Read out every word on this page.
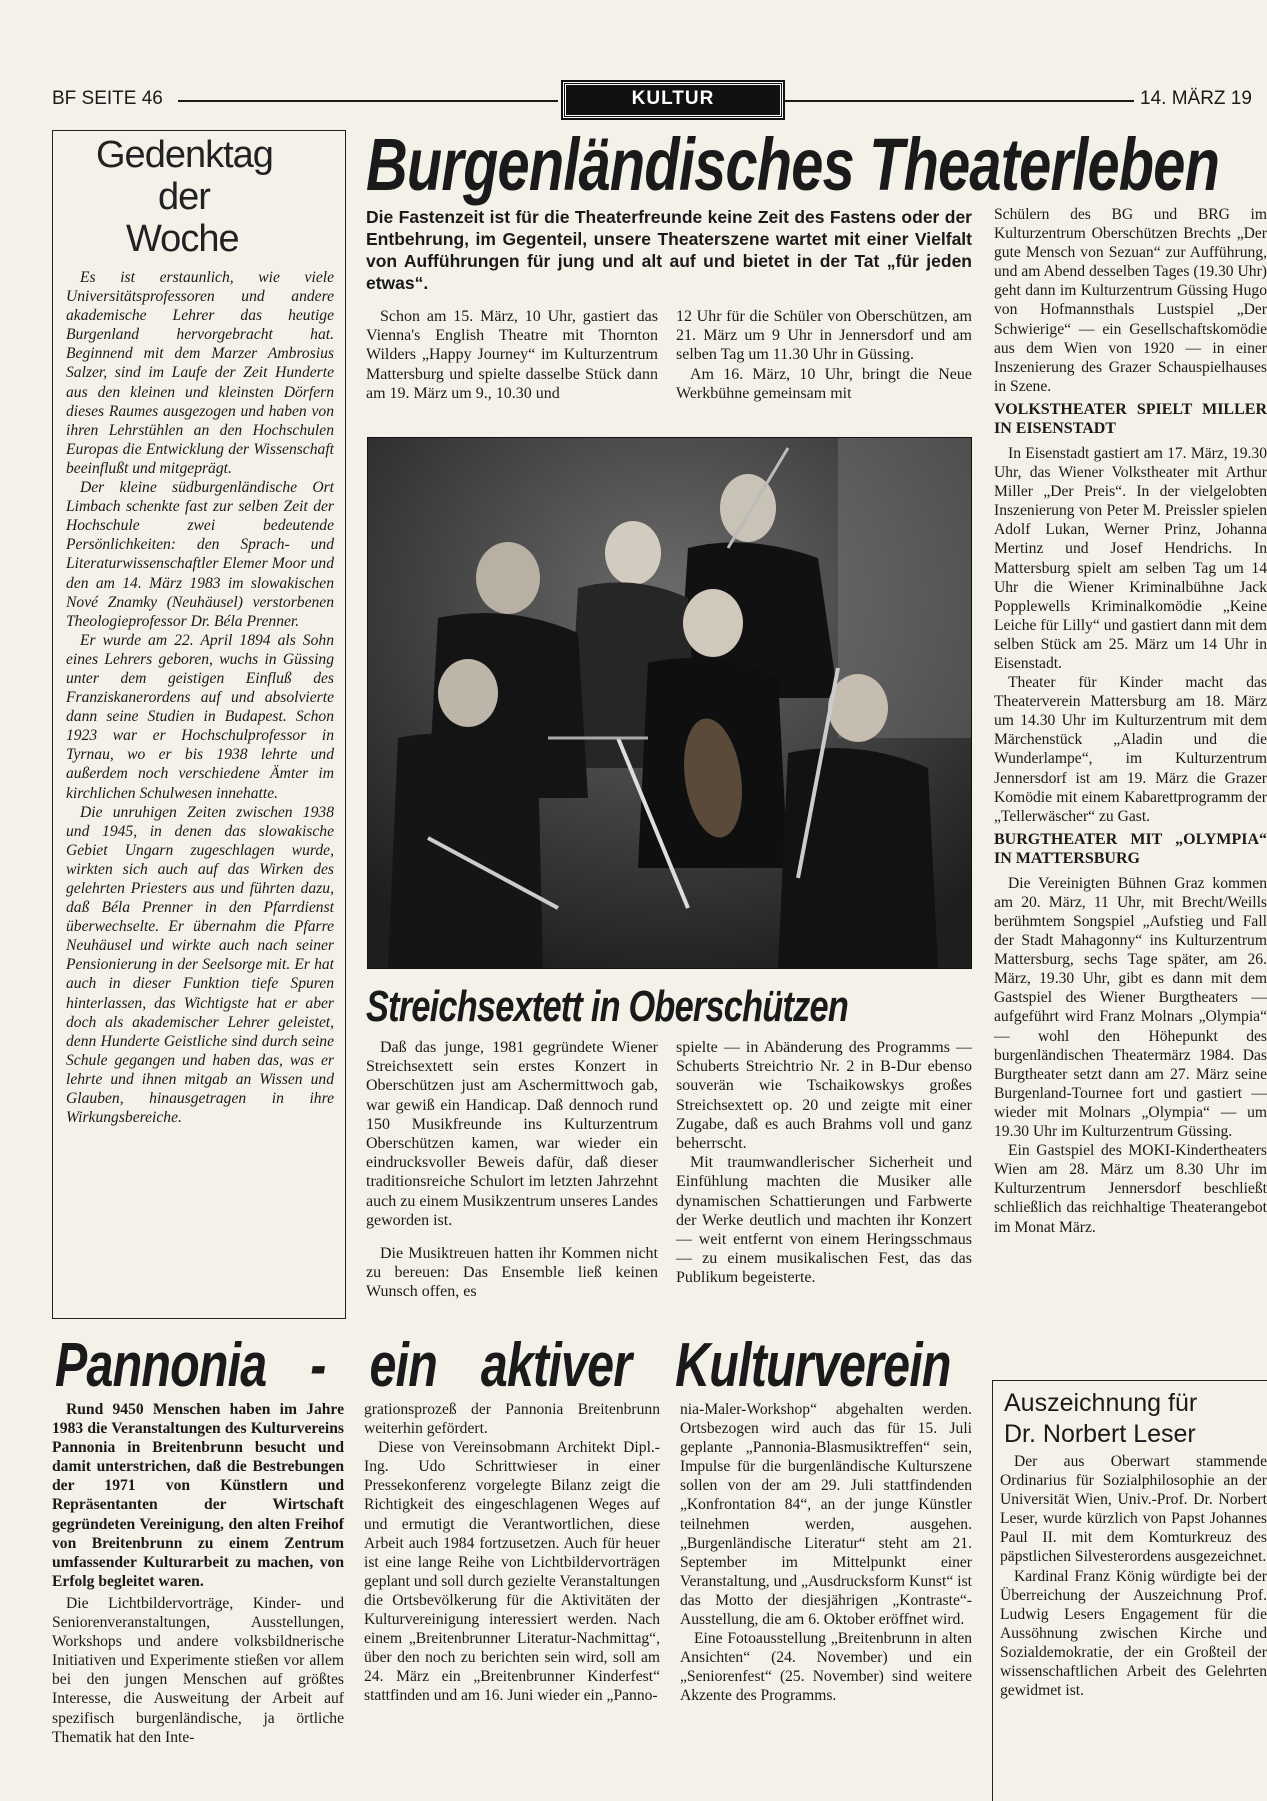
BF SEITE 46	KULTUR	14. MÄRZ 19
Gedenktag
der
Woche

Es ist erstaunlich, wie viele Universitätsprofessoren und andere akademische Lehrer das heutige Burgenland hervorgebracht hat. Beginnend mit dem Marzer Ambrosius Salzer, sind im Laufe der Zeit Hunderte aus den kleinen und kleinsten Dörfern dieses Raumes ausgezogen und haben von ihren Lehrstühlen an den Hochschulen Europas die Entwicklung der Wissenschaft beeinflußt und mitgeprägt.

Der kleine südburgenländische Ort Limbach schenkte fast zur selben Zeit der Hochschule zwei bedeutende Persönlichkeiten: den Sprach- und Literaturwissenschaftler Elemer Moor und den am 14. März 1983 im slowakischen Nové Znamky (Neuhäusel) verstorbenen Theologieprofessor Dr. Béla Prenner.

Er wurde am 22. April 1894 als Sohn eines Lehrers geboren, wuchs in Güssing unter dem geistigen Einfluß des Franziskanerordens auf und absolvierte dann seine Studien in Budapest. Schon 1923 war er Hochschulprofessor in Tyrnau, wo er bis 1938 lehrte und außerdem noch verschiedene Ämter im kirchlichen Schulwesen innehatte.

Die unruhigen Zeiten zwischen 1938 und 1945, in denen das slowakische Gebiet Ungarn zugeschlagen wurde, wirkten sich auch auf das Wirken des gelehrten Priesters aus und führten dazu, daß Béla Prenner in den Pfarrdienst überwechselte. Er übernahm die Pfarre Neuhäusel und wirkte auch nach seiner Pensionierung in der Seelsorge mit. Er hat auch in dieser Funktion tiefe Spuren hinterlassen, das Wichtigste hat er aber doch als akademischer Lehrer geleistet, denn Hunderte Geistliche sind durch seine Schule gegangen und haben das, was er lehrte und ihnen mitgab an Wissen und Glauben, hinausgetragen in ihre Wirkungsbereiche.

Burgenländisches Theaterleben
Die Fastenzeit ist für die Theaterfreunde keine Zeit des Fastens oder der Entbehrung, im Gegenteil, unsere Theaterszene wartet mit einer Vielfalt von Aufführungen für jung und alt auf und bietet in der Tat „für jeden etwas“.

Schon am 15. März, 10 Uhr, gastiert das Vienna's English Theatre mit Thornton Wilders „Happy Journey“ im Kulturzentrum Mattersburg und spielte dasselbe Stück dann am 19. März um 9., 10.30 und

12 Uhr für die Schüler von Oberschützen, am 21. März um 9 Uhr in Jennersdorf und am selben Tag um 11.30 Uhr in Güssing.

Am 16. März, 10 Uhr, bringt die Neue Werkbühne gemeinsam mit

Streichsextett in Oberschützen

Daß das junge, 1981 gegründete Wiener Streichsextett sein erstes Konzert in Oberschützen just am Aschermittwoch gab, war gewiß ein Handicap. Daß dennoch rund 150 Musikfreunde ins Kulturzentrum Oberschützen kamen, war wieder ein eindrucksvoller Beweis dafür, daß dieser traditionsreiche Schulort im letzten Jahrzehnt auch zu einem Musikzentrum unseres Landes geworden ist.

Die Musiktreuen hatten ihr Kommen nicht zu bereuen: Das Ensemble ließ keinen Wunsch offen, es

spielte — in Abänderung des Programms — Schuberts Streichtrio Nr. 2 in B-Dur ebenso souverän wie Tschaikowskys großes Streichsextett op. 20 und zeigte mit einer Zugabe, daß es auch Brahms voll und ganz beherrscht.

Mit traumwandlerischer Sicherheit und Einfühlung machten die Musiker alle dynamischen Schattierungen und Farbwerte der Werke deutlich und machten ihr Konzert — weit entfernt von einem Heringsschmaus — zu einem musikalischen Fest, das das Publikum begeisterte.

Schülern des BG und BRG im Kulturzentrum Oberschützen Brechts „Der gute Mensch von Sezuan“ zur Aufführung, und am Abend desselben Tages (19.30 Uhr) geht dann im Kulturzentrum Güssing Hugo von Hofmannsthals Lustspiel „Der Schwierige“ — ein Gesellschaftskomödie aus dem Wien von 1920 — in einer Inszenierung des Grazer Schauspielhauses in Szene.

VOLKSTHEATER SPIELT MILLER IN EISENSTADT

In Eisenstadt gastiert am 17. März, 19.30 Uhr, das Wiener Volkstheater mit Arthur Miller „Der Preis“. In der vielgelobten Inszenierung von Peter M. Preissler spielen Adolf Lukan, Werner Prinz, Johanna Mertinz und Josef Hendrichs. In Mattersburg spielt am selben Tag um 14 Uhr die Wiener Kriminalbühne Jack Popplewells Kriminalkomödie „Keine Leiche für Lilly“ und gastiert dann mit dem selben Stück am 25. März um 14 Uhr in Eisenstadt.

Theater für Kinder macht das Theaterverein Mattersburg am 18. März um 14.30 Uhr im Kulturzentrum mit dem Märchenstück „Aladin und die Wunderlampe“, im Kulturzentrum Jennersdorf ist am 19. März die Grazer Komödie mit einem Kabarettprogramm der „Tellerwäscher“ zu Gast.

BURGTHEATER MIT „OLYMPIA“ IN MATTERSBURG

Die Vereinigten Bühnen Graz kommen am 20. März, 11 Uhr, mit Brecht/Weills berühmtem Songspiel „Aufstieg und Fall der Stadt Mahagonny“ ins Kulturzentrum Mattersburg, sechs Tage später, am 26. März, 19.30 Uhr, gibt es dann mit dem Gastspiel des Wiener Burgtheaters — aufgeführt wird Franz Molnars „Olympia“ — wohl den Höhepunkt des burgenländischen Theatermärz 1984. Das Burgtheater setzt dann am 27. März seine Burgenland-Tournee fort und gastiert — wieder mit Molnars „Olympia“ — um 19.30 Uhr im Kulturzentrum Güssing.

Ein Gastspiel des MOKI-Kindertheaters Wien am 28. März um 8.30 Uhr im Kulturzentrum Jennersdorf beschließt schließlich das reichhaltige Theaterangebot im Monat März.

Pannonia - ein aktiver Kulturverein

Rund 9450 Menschen haben im Jahre 1983 die Veranstaltungen des Kulturvereins Pannonia in Breitenbrunn besucht und damit unterstrichen, daß die Bestrebungen der 1971 von Künstlern und Repräsentanten der Wirtschaft gegründeten Vereinigung, den alten Freihof von Breitenbrunn zu einem Zentrum umfassender Kulturarbeit zu machen, von Erfolg begleitet waren.

Die Lichtbildervorträge, Kinder- und Seniorenveranstaltungen, Ausstellungen, Workshops und andere volksbildnerische Initiativen und Experimente stießen vor allem bei den jungen Menschen auf größtes Interesse, die Ausweitung der Arbeit auf spezifisch burgenländische, ja örtliche Thematik hat den Inte-

grationsprozeß der Pannonia Breitenbrunn weiterhin gefördert.

Diese von Vereinsobmann Architekt Dipl.-Ing. Udo Schrittwieser in einer Pressekonferenz vorgelegte Bilanz zeigt die Richtigkeit des eingeschlagenen Weges auf und ermutigt die Verantwortlichen, diese Arbeit auch 1984 fortzusetzen. Auch für heuer ist eine lange Reihe von Lichtbildervorträgen geplant und soll durch gezielte Veranstaltungen die Ortsbevölkerung für die Aktivitäten der Kulturvereinigung interessiert werden. Nach einem „Breitenbrunner Literatur-Nachmittag“, über den noch zu berichten sein wird, soll am 24. März ein „Breitenbrunner Kinderfest“ stattfinden und am 16. Juni wieder ein „Panno-

nia-Maler-Workshop“ abgehalten werden. Ortsbezogen wird auch das für 15. Juli geplante „Pannonia-Blasmusiktreffen“ sein, Impulse für die burgenländische Kulturszene sollen von der am 29. Juli stattfindenden „Konfrontation 84“, an der junge Künstler teilnehmen werden, ausgehen. „Burgenländische Literatur“ steht am 21. September im Mittelpunkt einer Veranstaltung, und „Ausdrucksform Kunst“ ist das Motto der diesjährigen „Kontraste“-Ausstellung, die am 6. Oktober eröffnet wird.

Eine Fotoausstellung „Breitenbrunn in alten Ansichten“ (24. November) und ein „Seniorenfest“ (25. November) sind weitere Akzente des Programms.

Auszeichnung für
Dr. Norbert Leser

Der aus Oberwart stammende Ordinarius für Sozialphilosophie an der Universität Wien, Univ.-Prof. Dr. Norbert Leser, wurde kürzlich von Papst Johannes Paul II. mit dem Komturkreuz des päpstlichen Silvesterordens ausgezeichnet.

Kardinal Franz König würdigte bei der Überreichung der Auszeichnung Prof. Ludwig Lesers Engagement für die Aussöhnung zwischen Kirche und Sozialdemokratie, der ein Großteil der wissenschaftlichen Arbeit des Gelehrten gewidmet ist.
